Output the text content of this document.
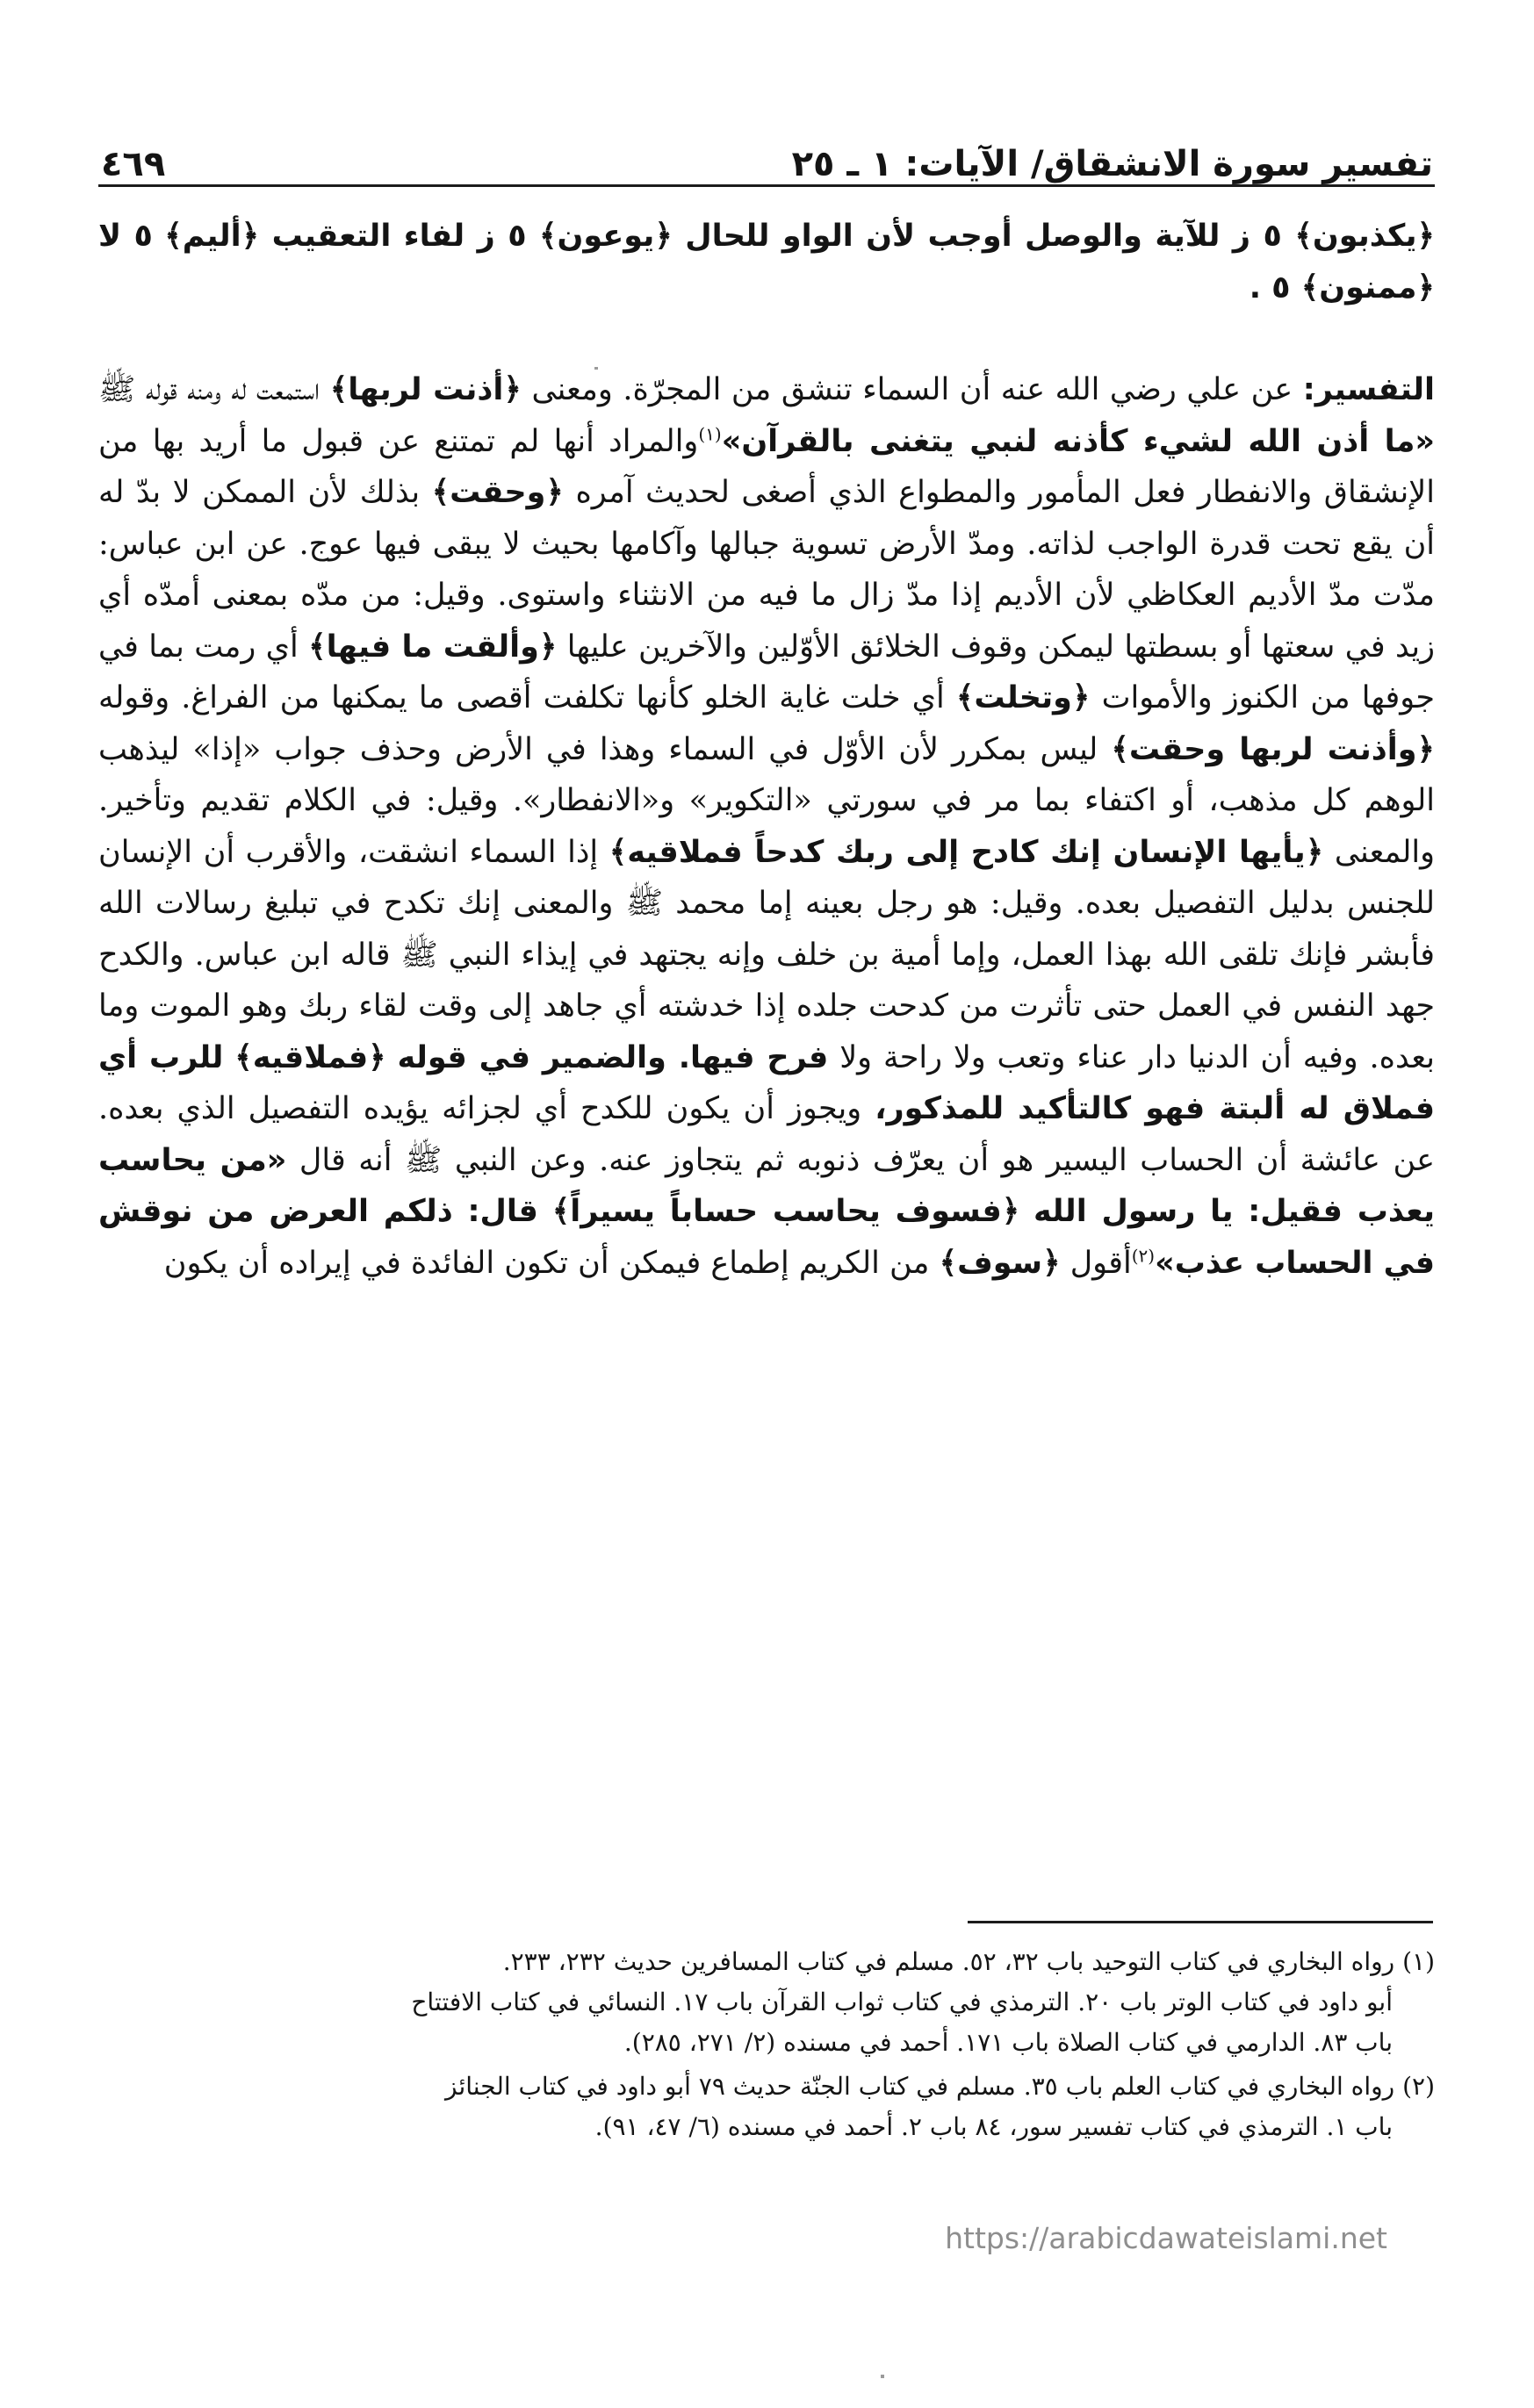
تفسير سورة الانشقاق/ الآيات: ١ ـ ٢٥
٤٦٩

﴿يكذبون﴾ ٥ ز للآية والوصل أوجب لأن الواو للحال ﴿يوعون﴾ ٥ ز لفاء التعقيب ﴿أليم﴾ ٥ لا ﴿ممنون﴾ ٥ .

التفسير: عن علي رضي الله عنه أن السماء تنشق من المجرّة. ومعنى ﴿أذنت لربها﴾ استمعت له ومنه قوله ﷺ «ما أذن الله لشيء كأذنه لنبي يتغنى بالقرآن»$^{(١)}$والمراد أنها لم تمتنع عن قبول ما أريد بها من الإنشقاق والانفطار فعل المأمور والمطواع الذي أصغى لحديث آمره ﴿وحقت﴾ بذلك لأن الممكن لا بدّ له أن يقع تحت قدرة الواجب لذاته. ومدّ الأرض تسوية جبالها وآكامها بحيث لا يبقى فيها عوج. عن ابن عباس: مدّت مدّ الأديم العكاظي لأن الأديم إذا مدّ زال ما فيه من الانثناء واستوى. وقيل: من مدّه بمعنى أمدّه أي زيد في سعتها أو بسطتها ليمكن وقوف الخلائق الأوّلين والآخرين عليها ﴿وألقت ما فيها﴾ أي رمت بما في جوفها من الكنوز والأموات ﴿وتخلت﴾ أي خلت غاية الخلو كأنها تكلفت أقصى ما يمكنها من الفراغ. وقوله ﴿وأذنت لربها وحقت﴾ ليس بمكرر لأن الأوّل في السماء وهذا في الأرض وحذف جواب «إذا» ليذهب الوهم كل مذهب، أو اكتفاء بما مر في سورتي «التكوير» و«الانفطار». وقيل: في الكلام تقديم وتأخير. والمعنى ﴿يأيها الإنسان إنك كادح إلى ربك كدحاً فملاقيه﴾ إذا السماء انشقت، والأقرب أن الإنسان للجنس بدليل التفصيل بعده. وقيل: هو رجل بعينه إما محمد ﷺ والمعنى إنك تكدح في تبليغ رسالات الله فأبشر فإنك تلقى الله بهذا العمل، وإما أمية بن خلف وإنه يجتهد في إيذاء النبي ﷺ قاله ابن عباس. والكدح جهد النفس في العمل حتى تأثرت من كدحت جلده إذا خدشته أي جاهد إلى وقت لقاء ربك وهو الموت وما بعده. وفيه أن الدنيا دار عناء وتعب ولا راحة ولا فرح فيها. والضمير في قوله ﴿فملاقيه﴾ للرب أي فملاق له ألبتة فهو كالتأكيد للمذكور، ويجوز أن يكون للكدح أي لجزائه يؤيده التفصيل الذي بعده. عن عائشة أن الحساب اليسير هو أن يعرّف ذنوبه ثم يتجاوز عنه. وعن النبي ﷺ أنه قال «من يحاسب يعذب فقيل: يا رسول الله ﴿فسوف يحاسب حساباً يسيراً﴾ قال: ذلكم العرض من نوقش في الحساب عذب»$^{(٢)}$أقول ﴿سوف﴾ من الكريم إطماع فيمكن أن تكون الفائدة في إيراده أن يكون

(١) رواه البخاري في كتاب التوحيد باب ٣٢، ٥٢. مسلم في كتاب المسافرين حديث ٢٣٢، ٢٣٣.
أبو داود في كتاب الوتر باب ٢٠. الترمذي في كتاب ثواب القرآن باب ١٧. النسائي في كتاب الافتتاح
باب ٨٣. الدارمي في كتاب الصلاة باب ١٧١. أحمد في مسنده (٢/ ٢٧١، ٢٨٥).

(٢) رواه البخاري في كتاب العلم باب ٣٥. مسلم في كتاب الجنّة حديث ٧٩ أبو داود في كتاب الجنائز
باب ١. الترمذي في كتاب تفسير سور، ٨٤ باب ٢. أحمد في مسنده (٦/ ٤٧، ٩١).

https://arabicdawateislami.net
